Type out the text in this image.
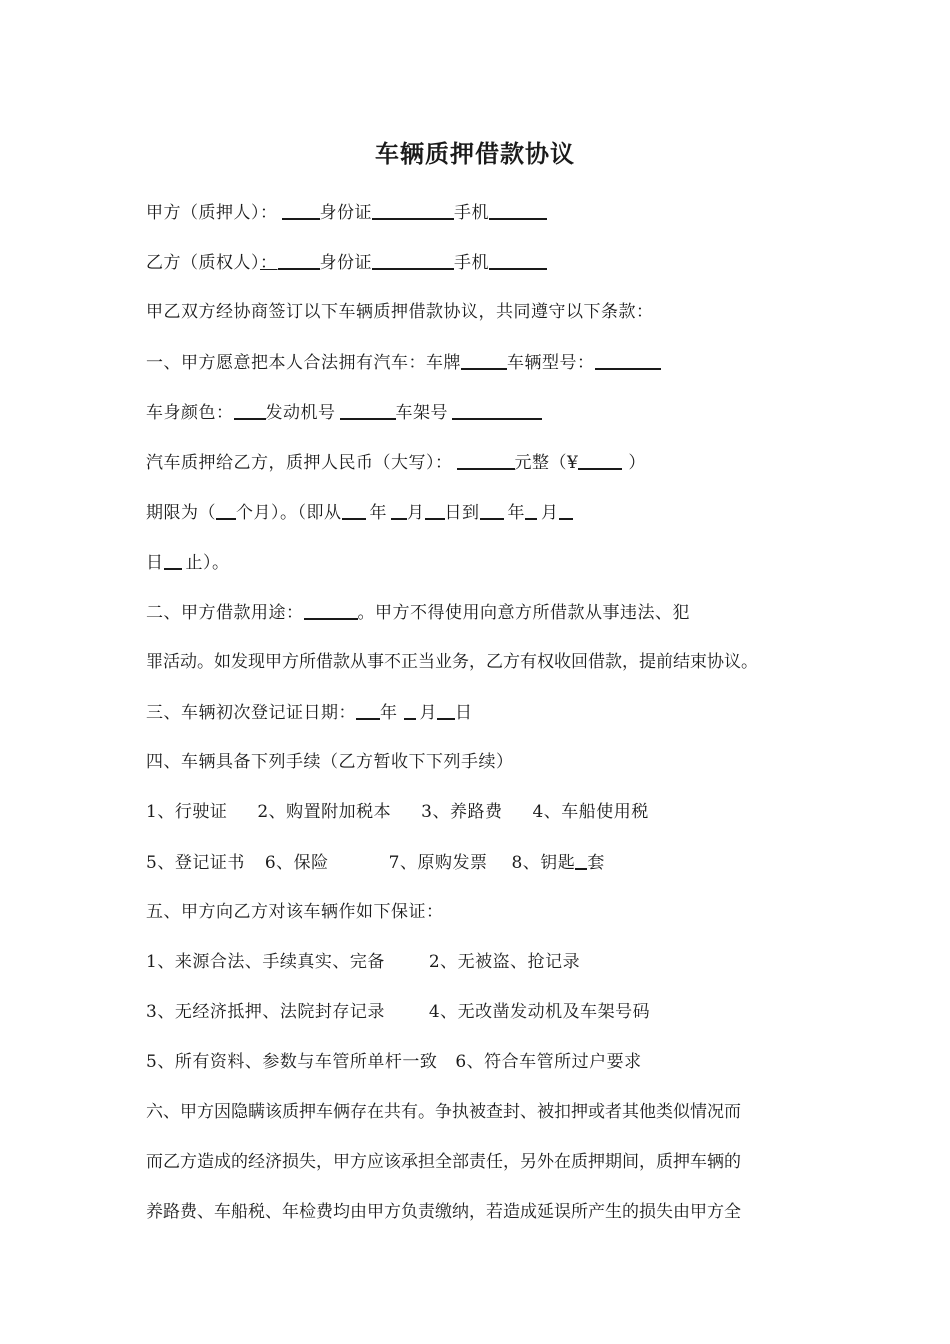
车辆质押借款协议
甲方（质押人）： 身份证	手机
乙方（质权人）： 身份证	手机
甲乙双方经协商签订以下车辆质押借款协议，共同遵守以下条款：
一、甲方愿意把本人合法拥有汽车：车牌	车辆型号：
车身颜色： 发动机号	车架号
汽车质押给乙方，质押人民币（大写）：	元整（¥	）
期限为（ 个月）。（即从 年 月 日到 年 月
日 止）。
二、甲方借款用途：	。甲方不得使用向意方所借款从事违法、犯
罪活动。如发现甲方所借款从事不正当业务，乙方有权收回借款，提前结束协议。
三、车辆初次登记证日期： 年 月 日
四、车辆具备下列手续（乙方暂收下下列手续）
1、行驶证 2、购置附加税本 3、养路费 4、车船使用税
5、登记证书 6、保险	7、原购发票 8、钥匙 套
五、甲方向乙方对该车辆作如下保证：
1、来源合法、手续真实、完备	2、无被盗、抢记录
3、无经济抵押、法院封存记录	4、无改凿发动机及车架号码
5、所有资料、参数与车管所单杆一致 6、符合车管所过户要求
六、甲方因隐瞒该质押车俩存在共有。争执被查封、被扣押或者其他类似情况而
而乙方造成的经济损失，甲方应该承担全部责任，另外在质押期间，质押车辆的
养路费、车船税、年检费均由甲方负责缴纳，若造成延误所产生的损失由甲方全
